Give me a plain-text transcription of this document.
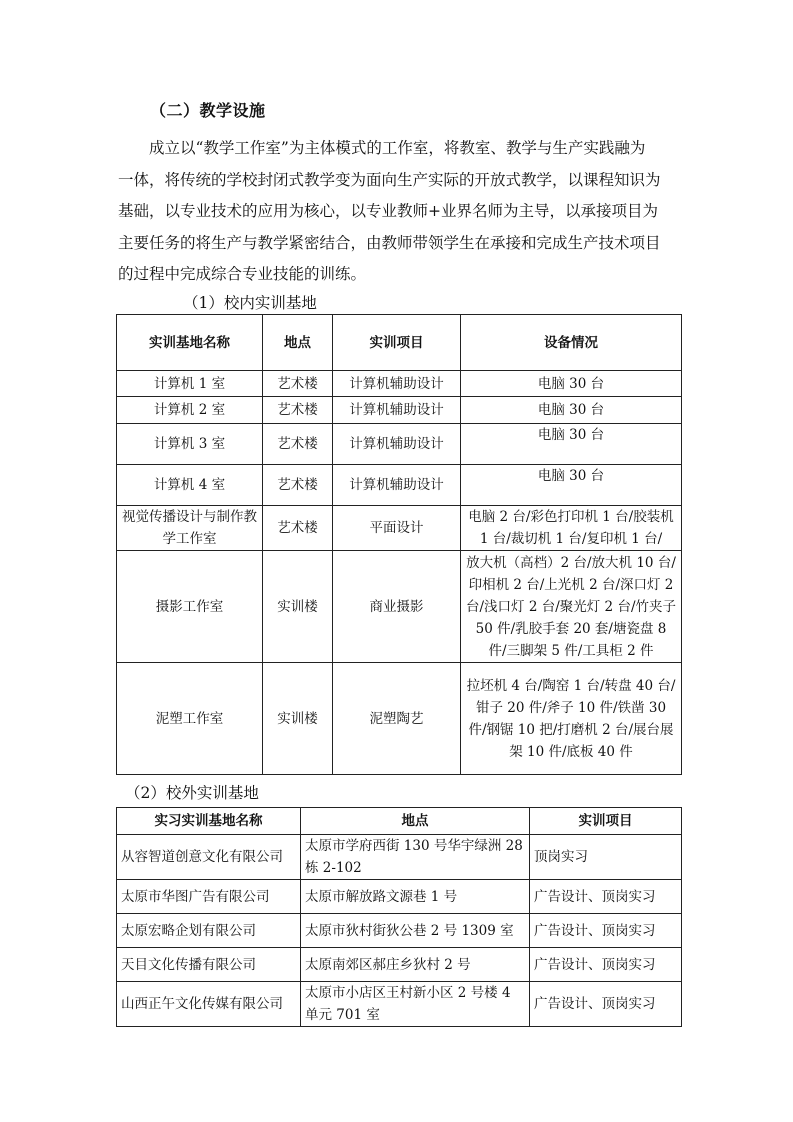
（二）教学设施

成立以“教学工作室”为主体模式的工作室，将教室、教学与生产实践融为
一体，将传统的学校封闭式教学变为面向生产实际的开放式教学，以课程知识为
基础，以专业技术的应用为核心，以专业教师+业界名师为主导，以承接项目为
主要任务的将生产与教学紧密结合，由教师带领学生在承接和完成生产技术项目
的过程中完成综合专业技能的训练。

（1）校内实训基地
实训基地名称	地点	实训项目	设备情况
计算机 1 室	艺术楼	计算机辅助设计	电脑 30 台
计算机 2 室	艺术楼	计算机辅助设计	电脑 30 台
计算机 3 室	艺术楼	计算机辅助设计	电脑 30 台
计算机 4 室	艺术楼	计算机辅助设计	电脑 30 台
视觉传播设计与制作教学工作室	艺术楼	平面设计	电脑 2 台/彩色打印机 1 台/胶装机 1 台/裁切机 1 台/复印机 1 台/
摄影工作室	实训楼	商业摄影	放大机（高档）2 台/放大机 10 台/印相机 2 台/上光机 2 台/深口灯 2 台/浅口灯 2 台/聚光灯 2 台/竹夹子 50 件/乳胶手套 20 套/塘瓷盘 8 件/三脚架 5 件/工具柜 2 件
泥塑工作室	实训楼	泥塑陶艺	拉坯机 4 台/陶窑 1 台/转盘 40 台/钳子 20 件/斧子 10 件/铁凿 30 件/钢锯 10 把/打磨机 2 台/展台展架 10 件/底板 40 件
（2）校外实训基地
实习实训基地名称	地点	实训项目
从容智道创意文化有限公司	太原市学府西街 130 号华宇绿洲 28 栋 2-102	顶岗实习
太原市华图广告有限公司	太原市解放路文源巷 1 号	广告设计、顶岗实习
太原宏略企划有限公司	太原市狄村街狄公巷 2 号 1309 室	广告设计、顶岗实习
天目文化传播有限公司	太原南郊区郝庄乡狄村 2 号	广告设计、顶岗实习
山西正午文化传媒有限公司	太原市小店区王村新小区 2 号楼 4 单元 701 室	广告设计、顶岗实习
